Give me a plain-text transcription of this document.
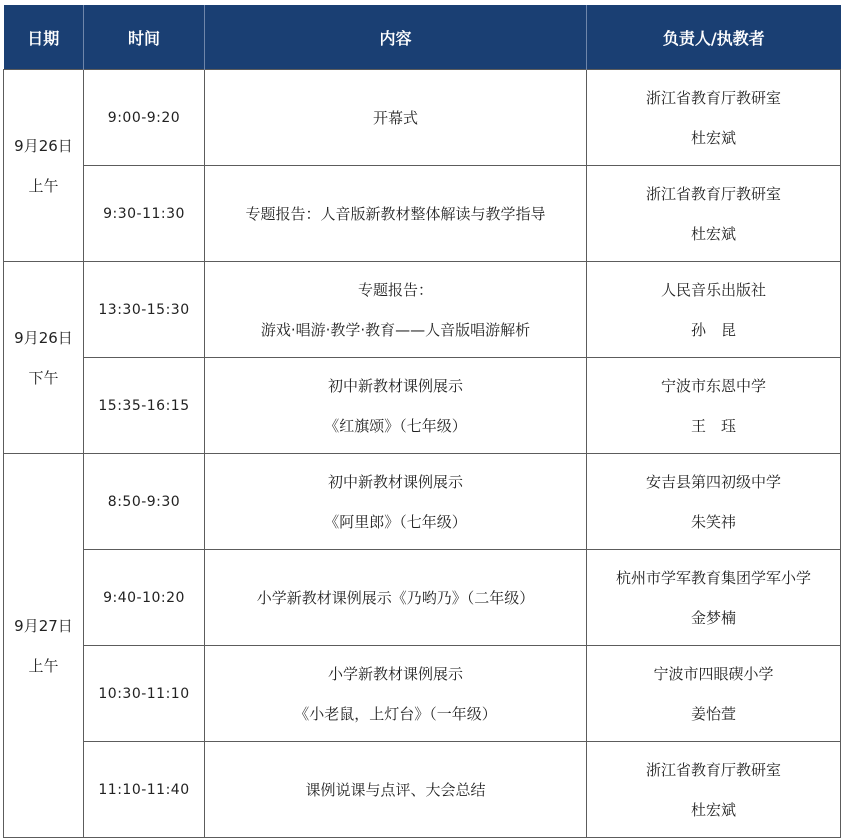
日期	时间	内容	负责人/执教者

9月26日
上午	9:00-9:20	开幕式	浙江省教育厅教研室
杜宏斌

	9:30-11:30	专题报告：人音版新教材整体解读与教学指导	浙江省教育厅教研室
杜宏斌

9月26日
下午	13:30-15:30	专题报告：
游戏·唱游·教学·教育——人音版唱游解析	人民音乐出版社
孙　昆

	15:35-16:15	初中新教材课例展示
《红旗颂》（七年级）	宁波市东恩中学
王　珏

9月27日
上午	8:50-9:30	初中新教材课例展示
《阿里郎》（七年级）	安吉县第四初级中学
朱笑祎

	9:40-10:20	小学新教材课例展示《乃哟乃》（二年级）	杭州市学军教育集团学军小学
金梦楠

	10:30-11:10	小学新教材课例展示
《小老鼠，上灯台》（一年级）	宁波市四眼碶小学
姜怡萱

	11:10-11:40	课例说课与点评、大会总结	浙江省教育厅教研室
杜宏斌
